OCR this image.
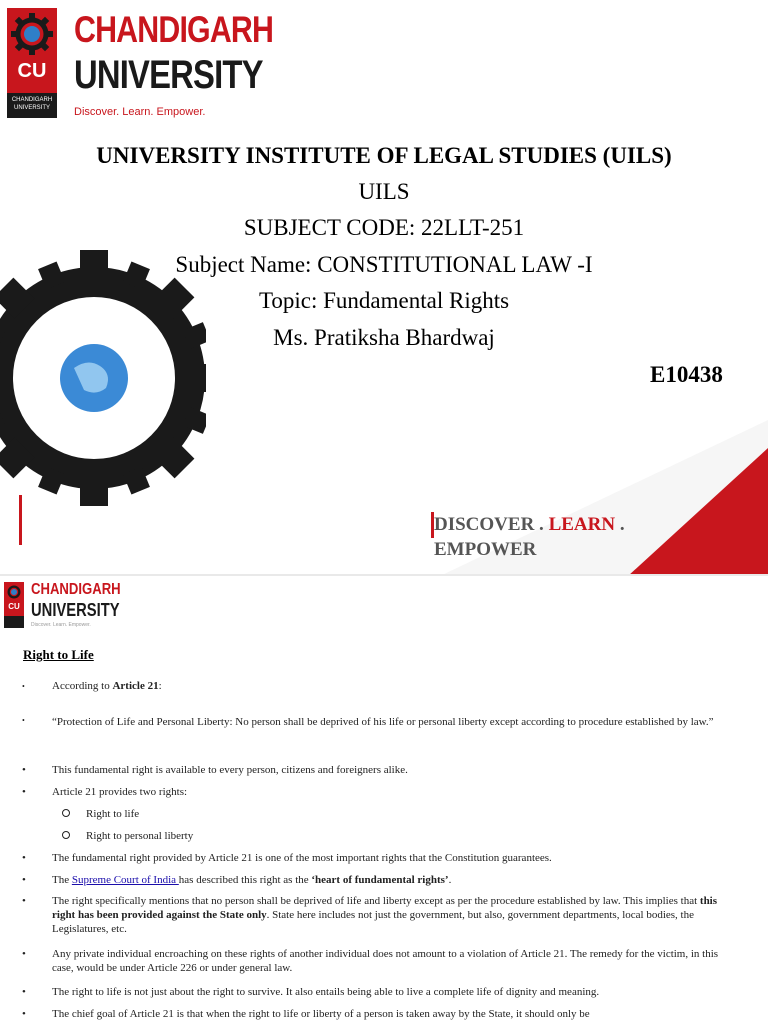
CU
CHANDIGARH UNIVERSITY
CHANDIGARH
UNIVERSITY
Discover. Learn. Empower.
UNIVERSITY INSTITUTE OF LEGAL STUDIES (UILS)
UILS
SUBJECT CODE: 22LLT-251
Subject Name: CONSTITUTIONAL LAW -I
Topic: Fundamental Rights
Ms. Pratiksha Bhardwaj
E10438
DISCOVER . LEARN .
EMPOWER
CU
CHANDIGARH
UNIVERSITY
Discover. Learn. Empower.
Right to Life
• According to Article 21:
• “Protection of Life and Personal Liberty: No person shall be deprived of his life or personal liberty except according to procedure established by law.”
• This fundamental right is available to every person, citizens and foreigners alike.
• Article 21 provides two rights:
Right to life
Right to personal liberty
• The fundamental right provided by Article 21 is one of the most important rights that the Constitution guarantees.
• The Supreme Court of India has described this right as the ‘heart of fundamental rights’.
• The right specifically mentions that no person shall be deprived of life and liberty except as per the procedure established by law. This implies that this right has been provided against the State only. State here includes not just the government, but also, government departments, local bodies, the Legislatures, etc.
• Any private individual encroaching on these rights of another individual does not amount to a violation of Article 21. The remedy for the victim, in this case, would be under Article 226 or under general law.
• The right to life is not just about the right to survive. It also entails being able to live a complete life of dignity and meaning.
• The chief goal of Article 21 is that when the right to life or liberty of a person is taken away by the State, it should only be
